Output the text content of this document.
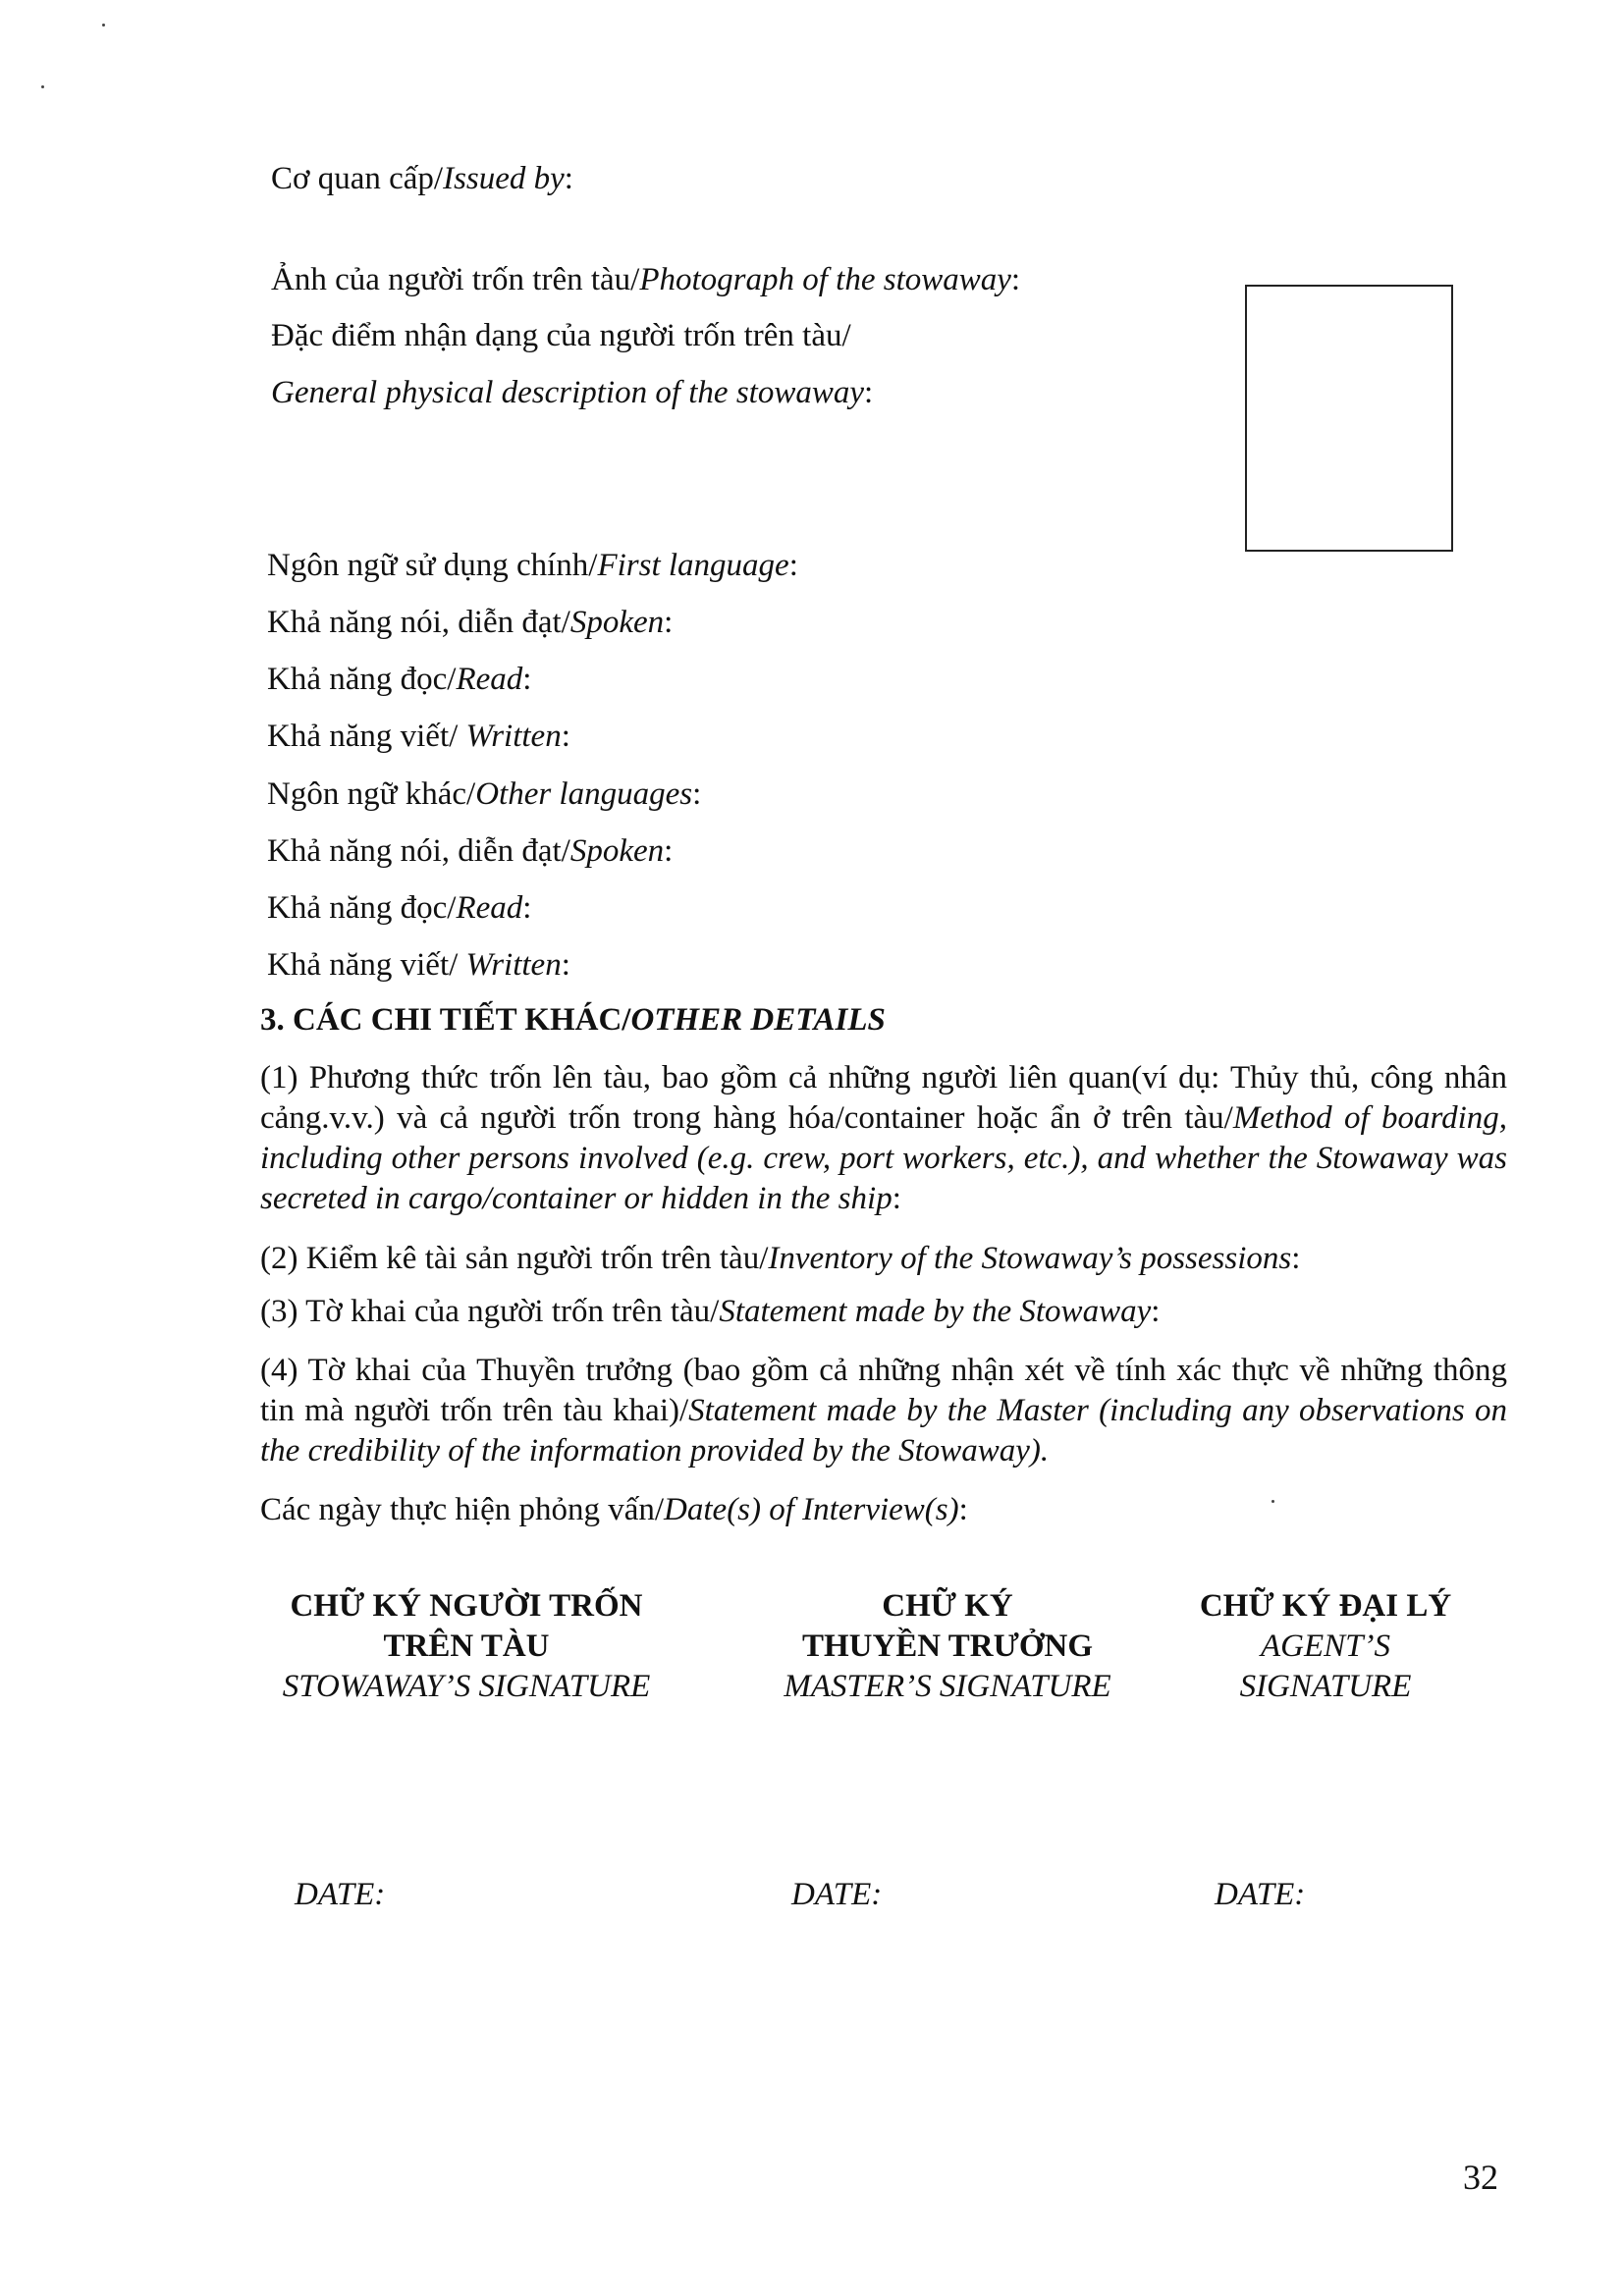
Cơ quan cấp/Issued by:
Ảnh của người trốn trên tàu/Photograph of the stowaway:
Đặc điểm nhận dạng của người trốn trên tàu/
General physical description of the stowaway:
Ngôn ngữ sử dụng chính/First language:
Khả năng nói, diễn đạt/Spoken:
Khả năng đọc/Read:
Khả năng viết/ Written:
Ngôn ngữ khác/Other languages:
Khả năng nói, diễn đạt/Spoken:
Khả năng đọc/Read:
Khả năng viết/ Written:
3. CÁC CHI TIẾT KHÁC/OTHER DETAILS
(1) Phương thức trốn lên tàu, bao gồm cả những người liên quan(ví dụ: Thủy thủ, công nhân cảng.v.v.) và cả người trốn trong hàng hóa/container hoặc ẩn ở trên tàu/Method of boarding, including other persons involved (e.g. crew, port workers, etc.), and whether the Stowaway was secreted in cargo/container or hidden in the ship:
(2) Kiểm kê tài sản người trốn trên tàu/Inventory of the Stowaway’s possessions:
(3) Tờ khai của người trốn trên tàu/Statement made by the Stowaway:
(4) Tờ khai của Thuyền trưởng (bao gồm cả những nhận xét về tính xác thực về những thông tin mà người trốn trên tàu khai)/Statement made by the Master (including any observations on the credibility of the information provided by the Stowaway).
Các ngày thực hiện phỏng vấn/Date(s) of Interview(s):
CHỮ KÝ NGƯỜI TRỐN
TRÊN TÀU
STOWAWAY’S SIGNATURE
CHỮ KÝ
THUYỀN TRƯỞNG
MASTER’S SIGNATURE
CHỮ KÝ ĐẠI LÝ
AGENT’S
SIGNATURE
DATE:	DATE:	DATE:
32
